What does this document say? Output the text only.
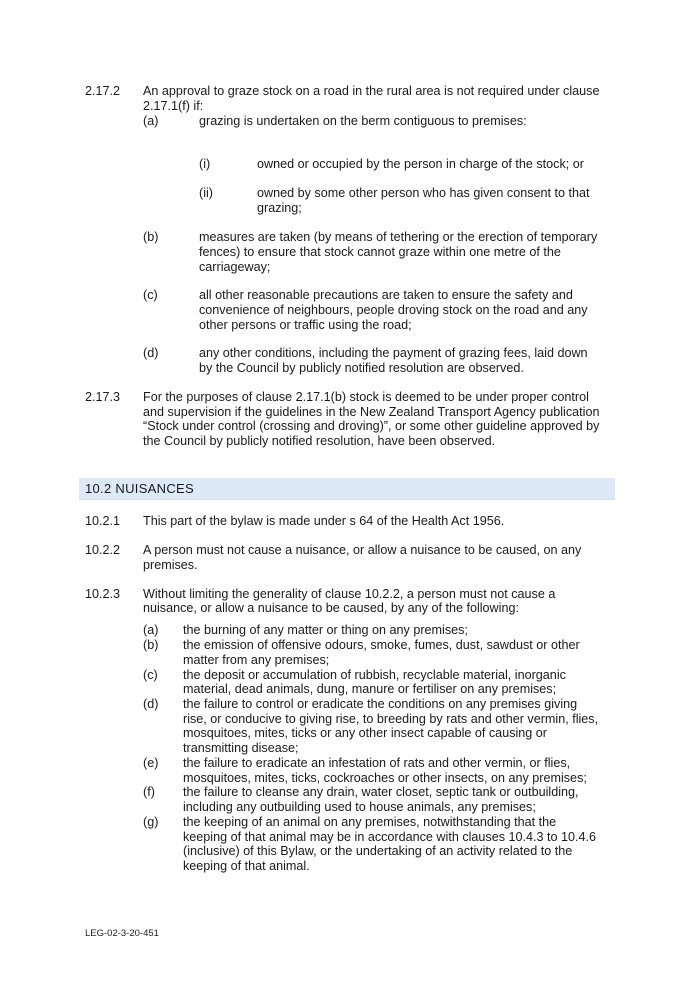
2.17.2 An approval to graze stock on a road in the rural area is not required under clause
2.17.1(f) if:
(a)	grazing is undertaken on the berm contiguous to premises:
(i)	owned or occupied by the person in charge of the stock; or
(ii)	owned by some other person who has given consent to that
grazing;
(b)	measures are taken (by means of tethering or the erection of temporary
fences) to ensure that stock cannot graze within one metre of the
carriageway;
(c)	all other reasonable precautions are taken to ensure the safety and
convenience of neighbours, people droving stock on the road and any
other persons or traffic using the road;
(d)	any other conditions, including the payment of grazing fees, laid down
by the Council by publicly notified resolution are observed.
2.17.3 For the purposes of clause 2.17.1(b) stock is deemed to be under proper control
and supervision if the guidelines in the New Zealand Transport Agency publication
“Stock under control (crossing and droving)”, or some other guideline approved by
the Council by publicly notified resolution, have been observed.
10.2 NUISANCES
10.2.1 This part of the bylaw is made under s 64 of the Health Act 1956.
10.2.2 A person must not cause a nuisance, or allow a nuisance to be caused, on any
premises.
10.2.3 Without limiting the generality of clause 10.2.2, a person must not cause a
nuisance, or allow a nuisance to be caused, by any of the following:
(a) the burning of any matter or thing on any premises;
(b) the emission of offensive odours, smoke, fumes, dust, sawdust or other
matter from any premises;
(c) the deposit or accumulation of rubbish, recyclable material, inorganic
material, dead animals, dung, manure or fertiliser on any premises;
(d) the failure to control or eradicate the conditions on any premises giving
rise, or conducive to giving rise, to breeding by rats and other vermin, flies,
mosquitoes, mites, ticks or any other insect capable of causing or
transmitting disease;
(e) the failure to eradicate an infestation of rats and other vermin, or flies,
mosquitoes, mites, ticks, cockroaches or other insects, on any premises;
(f) the failure to cleanse any drain, water closet, septic tank or outbuilding,
including any outbuilding used to house animals, any premises;
(g) the keeping of an animal on any premises, notwithstanding that the
keeping of that animal may be in accordance with clauses 10.4.3 to 10.4.6
(inclusive) of this Bylaw, or the undertaking of an activity related to the
keeping of that animal.
LEG-02-3-20-451
